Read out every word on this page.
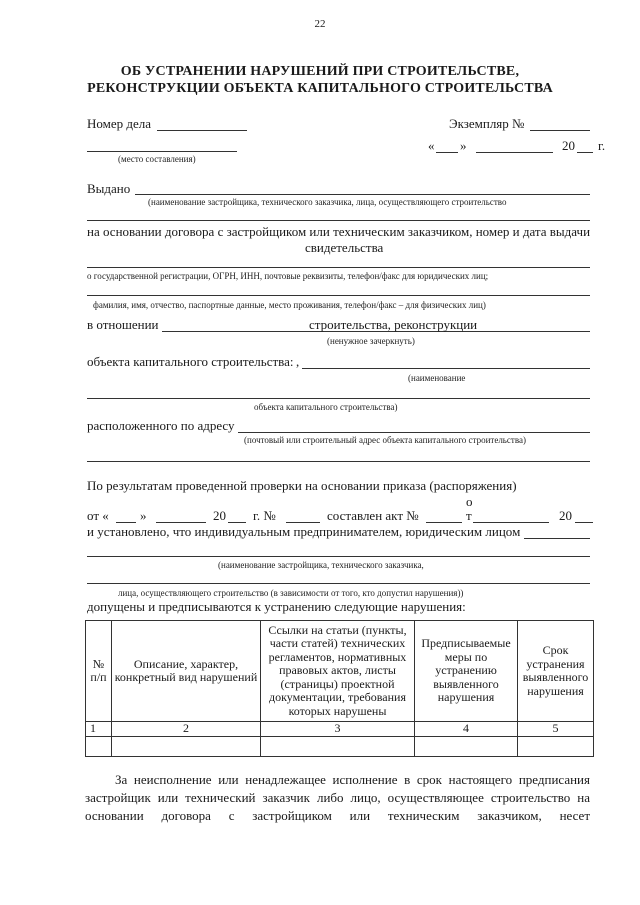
22
ОБ УСТРАНЕНИИ НАРУШЕНИЙ ПРИ СТРОИТЕЛЬСТВЕ,
РЕКОНСТРУКЦИИ ОБЪЕКТА КАПИТАЛЬНОГО СТРОИТЕЛЬСТВА
Номер дела	Экземпляр №
(место составления)
« »	20 г.
Выдано
(наименование застройщика, технического заказчика, лица, осуществляющего строительство
на основании договора с застройщиком или техническим заказчиком, номер и дата выдачи
свидетельства
о государственной регистрации, ОГРН, ИНН, почтовые реквизиты, телефон/факс для юридических лиц;
фамилия, имя, отчество, паспортные данные, место проживания, телефон/факс – для физических лиц)
в отношении	строительства, реконструкции
(ненужное зачеркнуть)
объекта капитального строительства: ,
(наименование
объекта капитального строительства)
расположенного по адресу
(почтовый или строительный адрес объекта капитального строительства)
По результатам проведенной проверки на основании приказа (распоряжения)
о
от « »	20 г. №	составлен акт №	т	20
и установлено, что индивидуальным предпринимателем, юридическим лицом
(наименование застройщика, технического заказчика,
лица, осуществляющего строительство (в зависимости от того, кто допустил нарушения))
допущены и предписываются к устранению следующие нарушения:
№ п/п	Описание, характер, конкретный вид нарушений	Ссылки на статьи (пункты, части статей) технических регламентов, нормативных правовых актов, листы (страницы) проектной документации, требования которых нарушены	Предписываемые меры по устранению выявленного нарушения	Срок устранения выявленного нарушения
1	2	3	4	5

За неисполнение или ненадлежащее исполнение в срок настоящего предписания
застройщик или технический заказчик либо лицо, осуществляющее строительство на
основании договора с застройщиком или техническим заказчиком, несет
